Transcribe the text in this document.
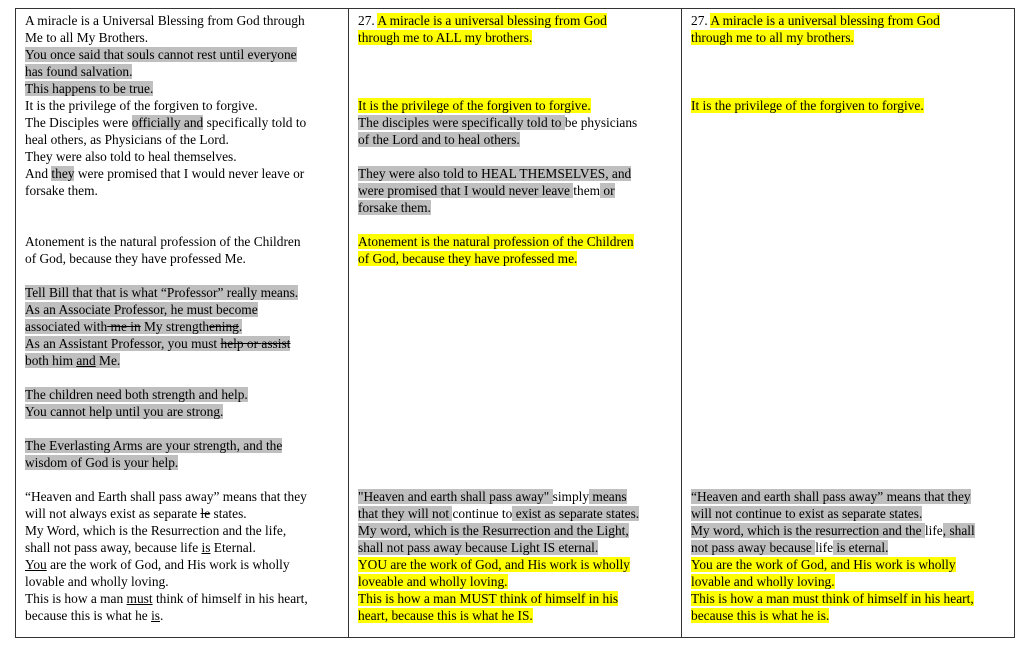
A miracle is a Universal Blessing from God through
Me to all My Brothers.
You once said that souls cannot rest until everyone
has found salvation.
This happens to be true.
It is the privilege of the forgiven to forgive.
The Disciples were officially and specifically told to
heal others, as Physicians of the Lord.
They were also told to heal themselves.
And they were promised that I would never leave or
forsake them.
Atonement is the natural profession of the Children
of God, because they have professed Me.
Tell Bill that that is what “Professor” really means.
As an Associate Professor, he must become
associated with me in My strengthening.
As an Assistant Professor, you must help or assist
both him and Me.
The children need both strength and help.
You cannot help until you are strong.
The Everlasting Arms are your strength, and the
wisdom of God is your help.
“Heaven and Earth shall pass away” means that they
will not always exist as separate le states.
My Word, which is the Resurrection and the life,
shall not pass away, because life is Eternal.
You are the work of God, and His work is wholly
lovable and wholly loving.
This is how a man must think of himself in his heart,
because this is what he is.

27. A miracle is a universal blessing from God
through me to ALL my brothers.
It is the privilege of the forgiven to forgive.
The disciples were specifically told to be physicians
of the Lord and to heal others.
They were also told to HEAL THEMSELVES, and
were promised that I would never leave them or
forsake them.
Atonement is the natural profession of the Children
of God, because they have professed me.
"Heaven and earth shall pass away" simply means
that they will not continue to exist as separate states.
My word, which is the Resurrection and the Light,
shall not pass away because Light IS eternal.
YOU are the work of God, and His work is wholly
loveable and wholly loving.
This is how a man MUST think of himself in his
heart, because this is what he IS.

27. A miracle is a universal blessing from God
through me to all my brothers.
It is the privilege of the forgiven to forgive.
“Heaven and earth shall pass away” means that they
will not continue to exist as separate states.
My word, which is the resurrection and the life, shall
not pass away because life is eternal.
You are the work of God, and His work is wholly
lovable and wholly loving.
This is how a man must think of himself in his heart,
because this is what he is.
